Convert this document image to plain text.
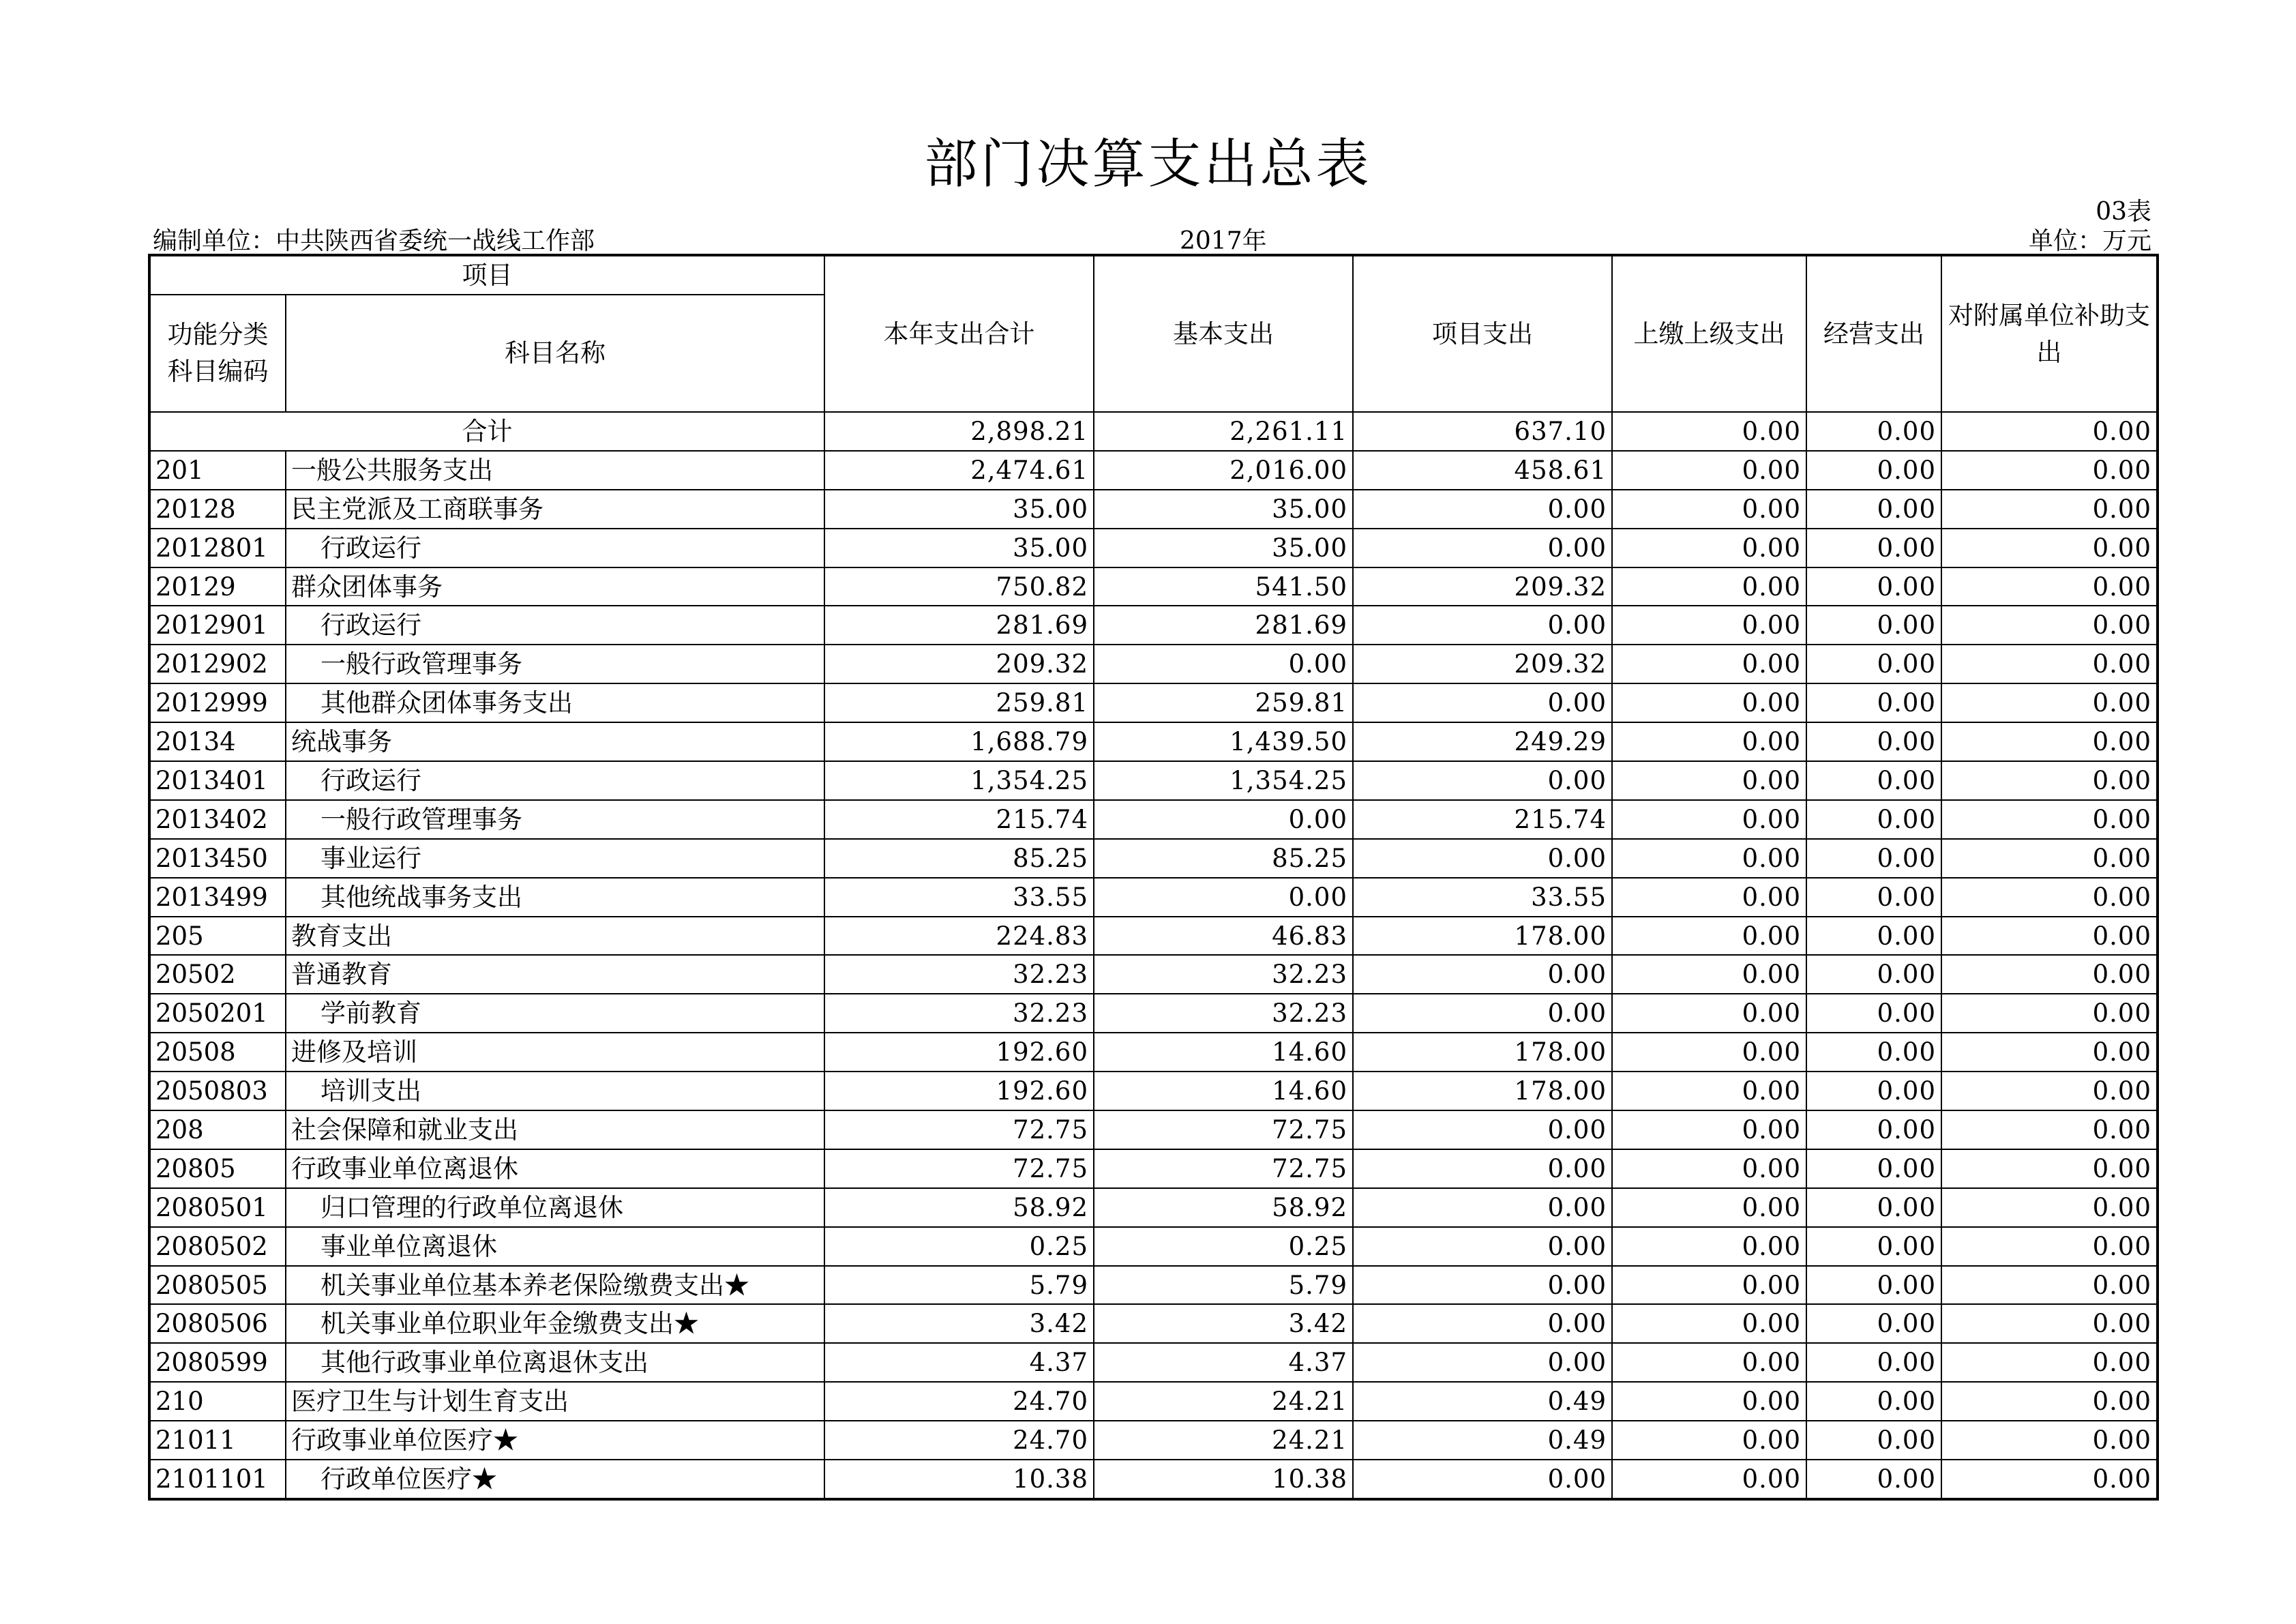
部门决算支出总表
03表
编制单位：中共陕西省委统一战线工作部	2017年	单位：万元
项目		本年支出合计	基本支出	项目支出	上缴上级支出	经营支出	对附属单位补助支出
功能分类科目编码	科目名称						
合计		2,898.21	2,261.11	637.10	0.00	0.00	0.00
201	一般公共服务支出	2,474.61	2,016.00	458.61	0.00	0.00	0.00
20128	民主党派及工商联事务	35.00	35.00	0.00	0.00	0.00	0.00
2012801	行政运行	35.00	35.00	0.00	0.00	0.00	0.00
20129	群众团体事务	750.82	541.50	209.32	0.00	0.00	0.00
2012901	行政运行	281.69	281.69	0.00	0.00	0.00	0.00
2012902	一般行政管理事务	209.32	0.00	209.32	0.00	0.00	0.00
2012999	其他群众团体事务支出	259.81	259.81	0.00	0.00	0.00	0.00
20134	统战事务	1,688.79	1,439.50	249.29	0.00	0.00	0.00
2013401	行政运行	1,354.25	1,354.25	0.00	0.00	0.00	0.00
2013402	一般行政管理事务	215.74	0.00	215.74	0.00	0.00	0.00
2013450	事业运行	85.25	85.25	0.00	0.00	0.00	0.00
2013499	其他统战事务支出	33.55	0.00	33.55	0.00	0.00	0.00
205	教育支出	224.83	46.83	178.00	0.00	0.00	0.00
20502	普通教育	32.23	32.23	0.00	0.00	0.00	0.00
2050201	学前教育	32.23	32.23	0.00	0.00	0.00	0.00
20508	进修及培训	192.60	14.60	178.00	0.00	0.00	0.00
2050803	培训支出	192.60	14.60	178.00	0.00	0.00	0.00
208	社会保障和就业支出	72.75	72.75	0.00	0.00	0.00	0.00
20805	行政事业单位离退休	72.75	72.75	0.00	0.00	0.00	0.00
2080501	归口管理的行政单位离退休	58.92	58.92	0.00	0.00	0.00	0.00
2080502	事业单位离退休	0.25	0.25	0.00	0.00	0.00	0.00
2080505	机关事业单位基本养老保险缴费支出★	5.79	5.79	0.00	0.00	0.00	0.00
2080506	机关事业单位职业年金缴费支出★	3.42	3.42	0.00	0.00	0.00	0.00
2080599	其他行政事业单位离退休支出	4.37	4.37	0.00	0.00	0.00	0.00
210	医疗卫生与计划生育支出	24.70	24.21	0.49	0.00	0.00	0.00
21011	行政事业单位医疗★	24.70	24.21	0.49	0.00	0.00	0.00
2101101	行政单位医疗★	10.38	10.38	0.00	0.00	0.00	0.00
